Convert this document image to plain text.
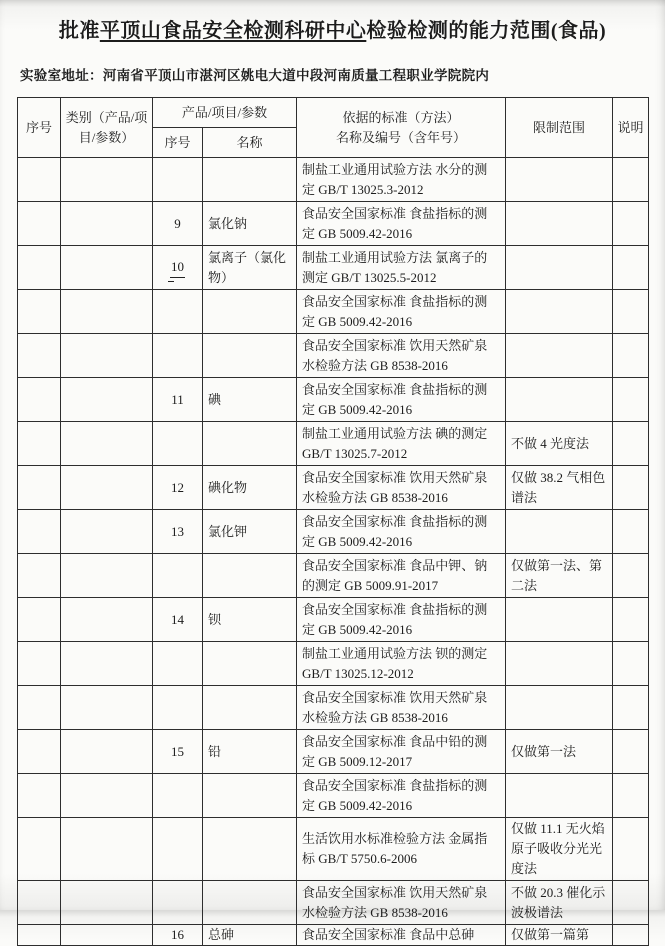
批准平顶山食品安全检测科研中心检验检测的能力范围(食品)
实验室地址：河南省平顶山市湛河区姚电大道中段河南质量工程职业学院院内
序号	类别（产品/项目/参数）	产品/项目/参数		依据的标准（方法）
名称及编号（含年号）	限制范围	说明
		序号	名称			
				制盐工业通用试验方法 水分的测定 GB/T 13025.3-2012		
		9	氯化钠	食品安全国家标准 食盐指标的测定 GB 5009.42-2016		
		10	氯离子（氯化物）	制盐工业通用试验方法 氯离子的测定 GB/T 13025.5-2012		
				食品安全国家标准 食盐指标的测定 GB 5009.42-2016		
				食品安全国家标准 饮用天然矿泉水检验方法 GB 8538-2016		
		11	碘	食品安全国家标准 食盐指标的测定 GB 5009.42-2016		
				制盐工业通用试验方法 碘的测定 GB/T 13025.7-2012	不做 4 光度法	
		12	碘化物	食品安全国家标准 饮用天然矿泉水检验方法 GB 8538-2016	仅做 38.2 气相色谱法	
		13	氯化钾	食品安全国家标准 食盐指标的测定 GB 5009.42-2016		
				食品安全国家标准 食品中钾、钠的测定 GB 5009.91-2017	仅做第一法、第二法	
		14	钡	食品安全国家标准 食盐指标的测定 GB 5009.42-2016		
				制盐工业通用试验方法 钡的测定 GB/T 13025.12-2012		
				食品安全国家标准 饮用天然矿泉水检验方法 GB 8538-2016		
		15	铅	食品安全国家标准 食品中铅的测定 GB 5009.12-2017	仅做第一法	
				食品安全国家标准 食盐指标的测定 GB 5009.42-2016		
				生活饮用水标准检验方法 金属指标 GB/T 5750.6-2006	仅做 11.1 无火焰原子吸收分光光度法	
				食品安全国家标准 饮用天然矿泉水检验方法 GB 8538-2016	不做 20.3 催化示波极谱法	
		16	总砷	食品安全国家标准 食品中总砷	仅做第一篇第	
